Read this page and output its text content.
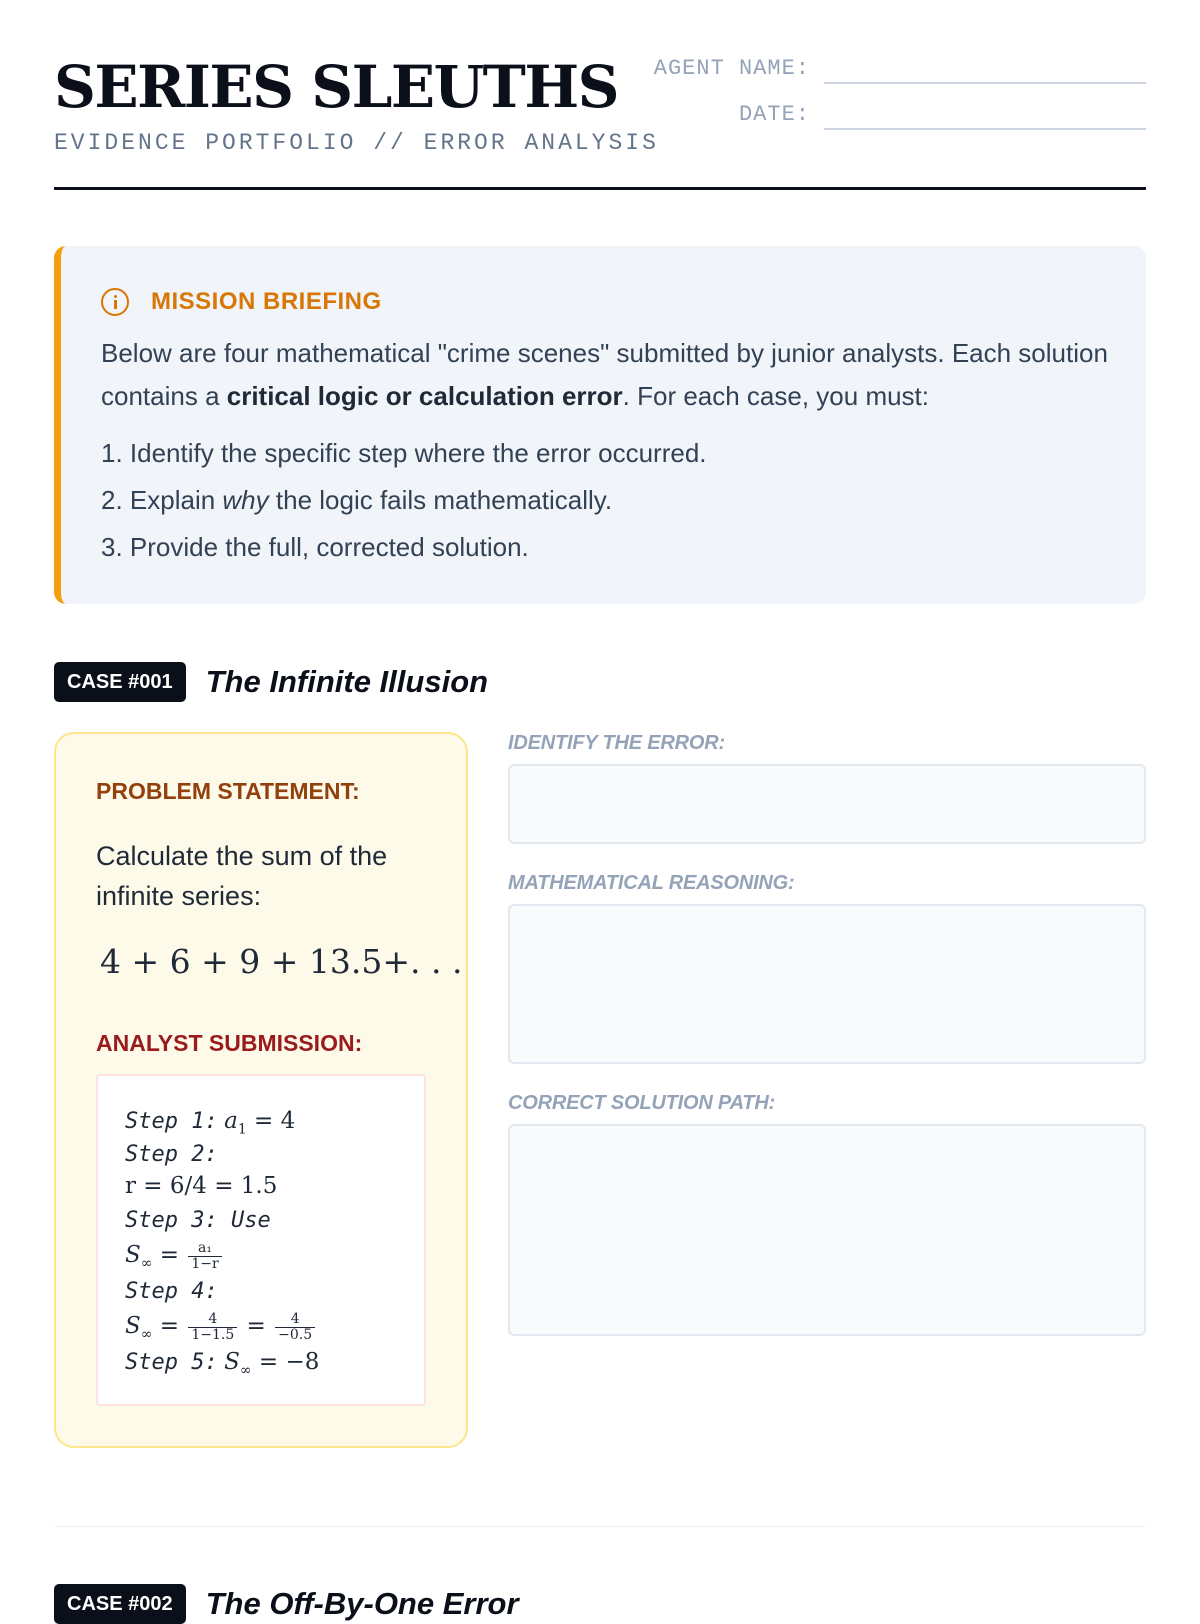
SERIES SLEUTHS
EVIDENCE PORTFOLIO // ERROR ANALYSIS
AGENT NAME:
DATE:
MISSION BRIEFING

Below are four mathematical "crime scenes" submitted by junior analysts. Each solution contains a critical logic or calculation error. For each case, you must:

1. Identify the specific step where the error occurred.
2. Explain why the logic fails mathematically.
3. Provide the full, corrected solution.
CASE #001	The Infinite Illusion
PROBLEM STATEMENT:
Calculate the sum of the infinite series:
4 + 6 + 9 + 13.5+. . .
ANALYST SUBMISSION:
Step 1: $a_1 = 4$
Step 2:
r = 6/4 = 1.5
Step 3: Use
$S_\infty = \frac{\text{a₁}}{1-r}$
Step 4:
$S_\infty = \frac{4}{1-1.5} = \frac{4}{-0.5}$
Step 5: $S_\infty = -8$
IDENTIFY THE ERROR:
MATHEMATICAL REASONING:
CORRECT SOLUTION PATH:
CASE #002	The Off-By-One Error
